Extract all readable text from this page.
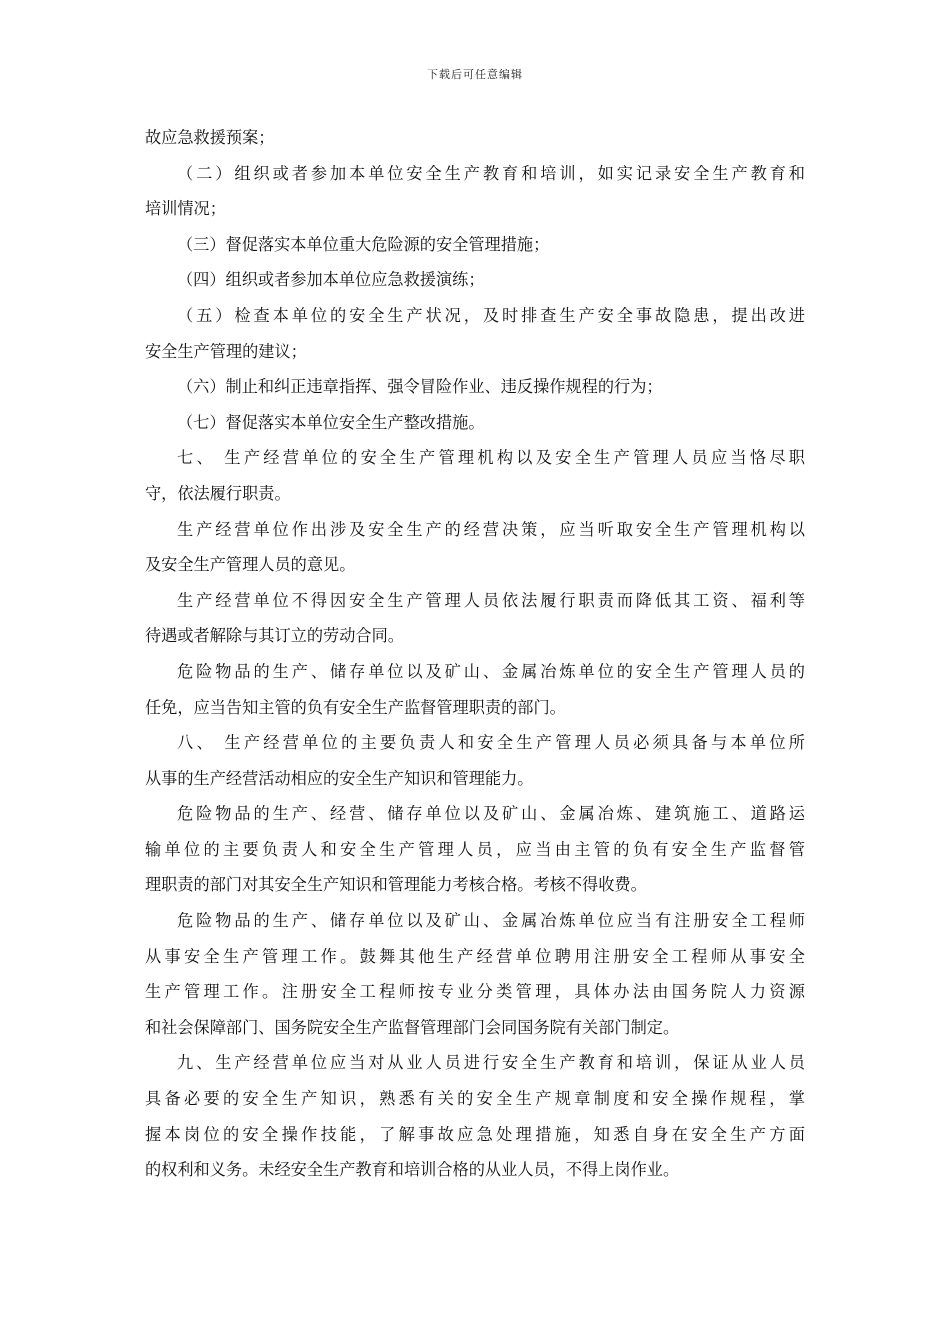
下载后可任意编辑
故应急救援预案；
（二）组织或者参加本单位安全生产教育和培训，如实记录安全生产教育和
培训情况；
（三）督促落实本单位重大危险源的安全管理措施；
（四）组织或者参加本单位应急救援演练；
（五）检查本单位的安全生产状况，及时排查生产安全事故隐患，提出改进
安全生产管理的建议；
（六）制止和纠正违章指挥、强令冒险作业、违反操作规程的行为；
（七）督促落实本单位安全生产整改措施。
七、 生产经营单位的安全生产管理机构以及安全生产管理人员应当恪尽职
守，依法履行职责。
生产经营单位作出涉及安全生产的经营决策，应当听取安全生产管理机构以
及安全生产管理人员的意见。
生产经营单位不得因安全生产管理人员依法履行职责而降低其工资、福利等
待遇或者解除与其订立的劳动合同。
危险物品的生产、储存单位以及矿山、金属冶炼单位的安全生产管理人员的
任免，应当告知主管的负有安全生产监督管理职责的部门。
八、 生产经营单位的主要负责人和安全生产管理人员必须具备与本单位所
从事的生产经营活动相应的安全生产知识和管理能力。
危险物品的生产、经营、储存单位以及矿山、金属冶炼、建筑施工、道路运
输单位的主要负责人和安全生产管理人员，应当由主管的负有安全生产监督管
理职责的部门对其安全生产知识和管理能力考核合格。考核不得收费。
危险物品的生产、储存单位以及矿山、金属冶炼单位应当有注册安全工程师
从事安全生产管理工作。鼓舞其他生产经营单位聘用注册安全工程师从事安全
生产管理工作。注册安全工程师按专业分类管理，具体办法由国务院人力资源
和社会保障部门、国务院安全生产监督管理部门会同国务院有关部门制定。
九、生产经营单位应当对从业人员进行安全生产教育和培训，保证从业人员
具备必要的安全生产知识，熟悉有关的安全生产规章制度和安全操作规程，掌
握本岗位的安全操作技能，了解事故应急处理措施，知悉自身在安全生产方面
的权利和义务。未经安全生产教育和培训合格的从业人员，不得上岗作业。
